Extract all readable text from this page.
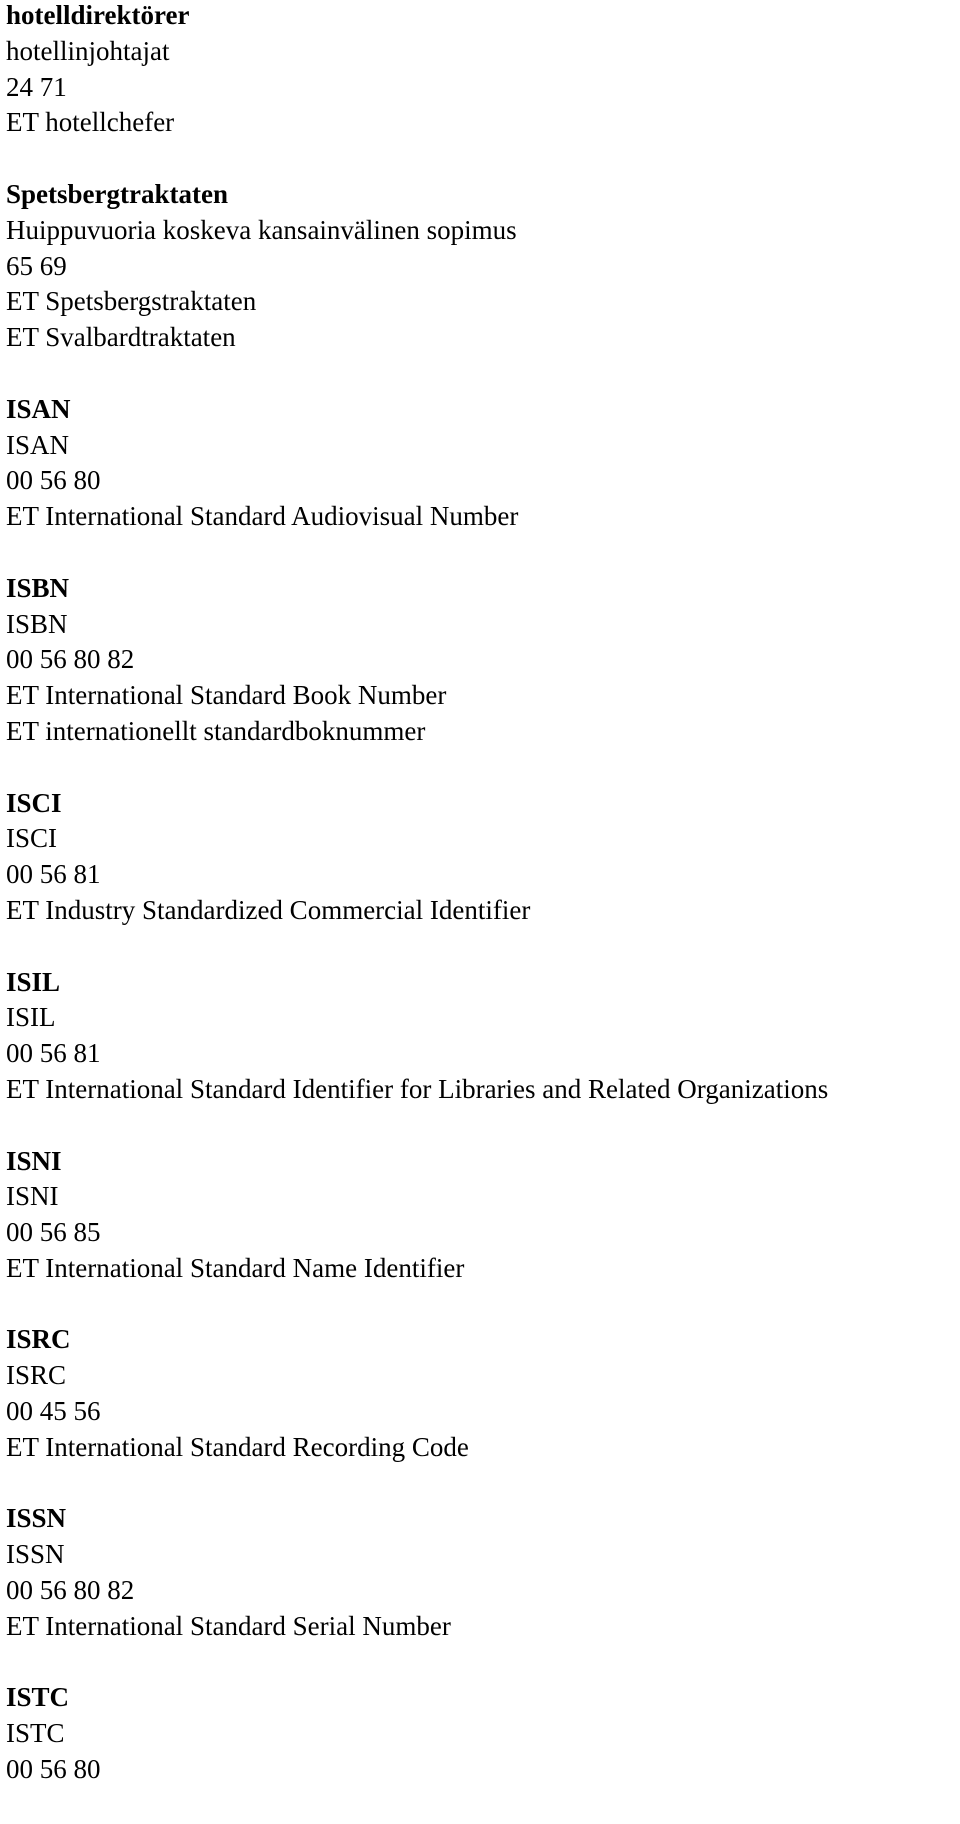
hotelldirektörer
hotellinjohtajat
24 71
ET hotellchefer
Spetsbergtraktaten
Huippuvuoria koskeva kansainvälinen sopimus
65 69
ET Spetsbergstraktaten
ET Svalbardtraktaten
ISAN
ISAN
00 56 80
ET International Standard Audiovisual Number
ISBN
ISBN
00 56 80 82
ET International Standard Book Number
ET internationellt standardboknummer
ISCI
ISCI
00 56 81
ET Industry Standardized Commercial Identifier
ISIL
ISIL
00 56 81
ET International Standard Identifier for Libraries and Related Organizations
ISNI
ISNI
00 56 85
ET International Standard Name Identifier
ISRC
ISRC
00 45 56
ET International Standard Recording Code
ISSN
ISSN
00 56 80 82
ET International Standard Serial Number
ISTC
ISTC
00 56 80
